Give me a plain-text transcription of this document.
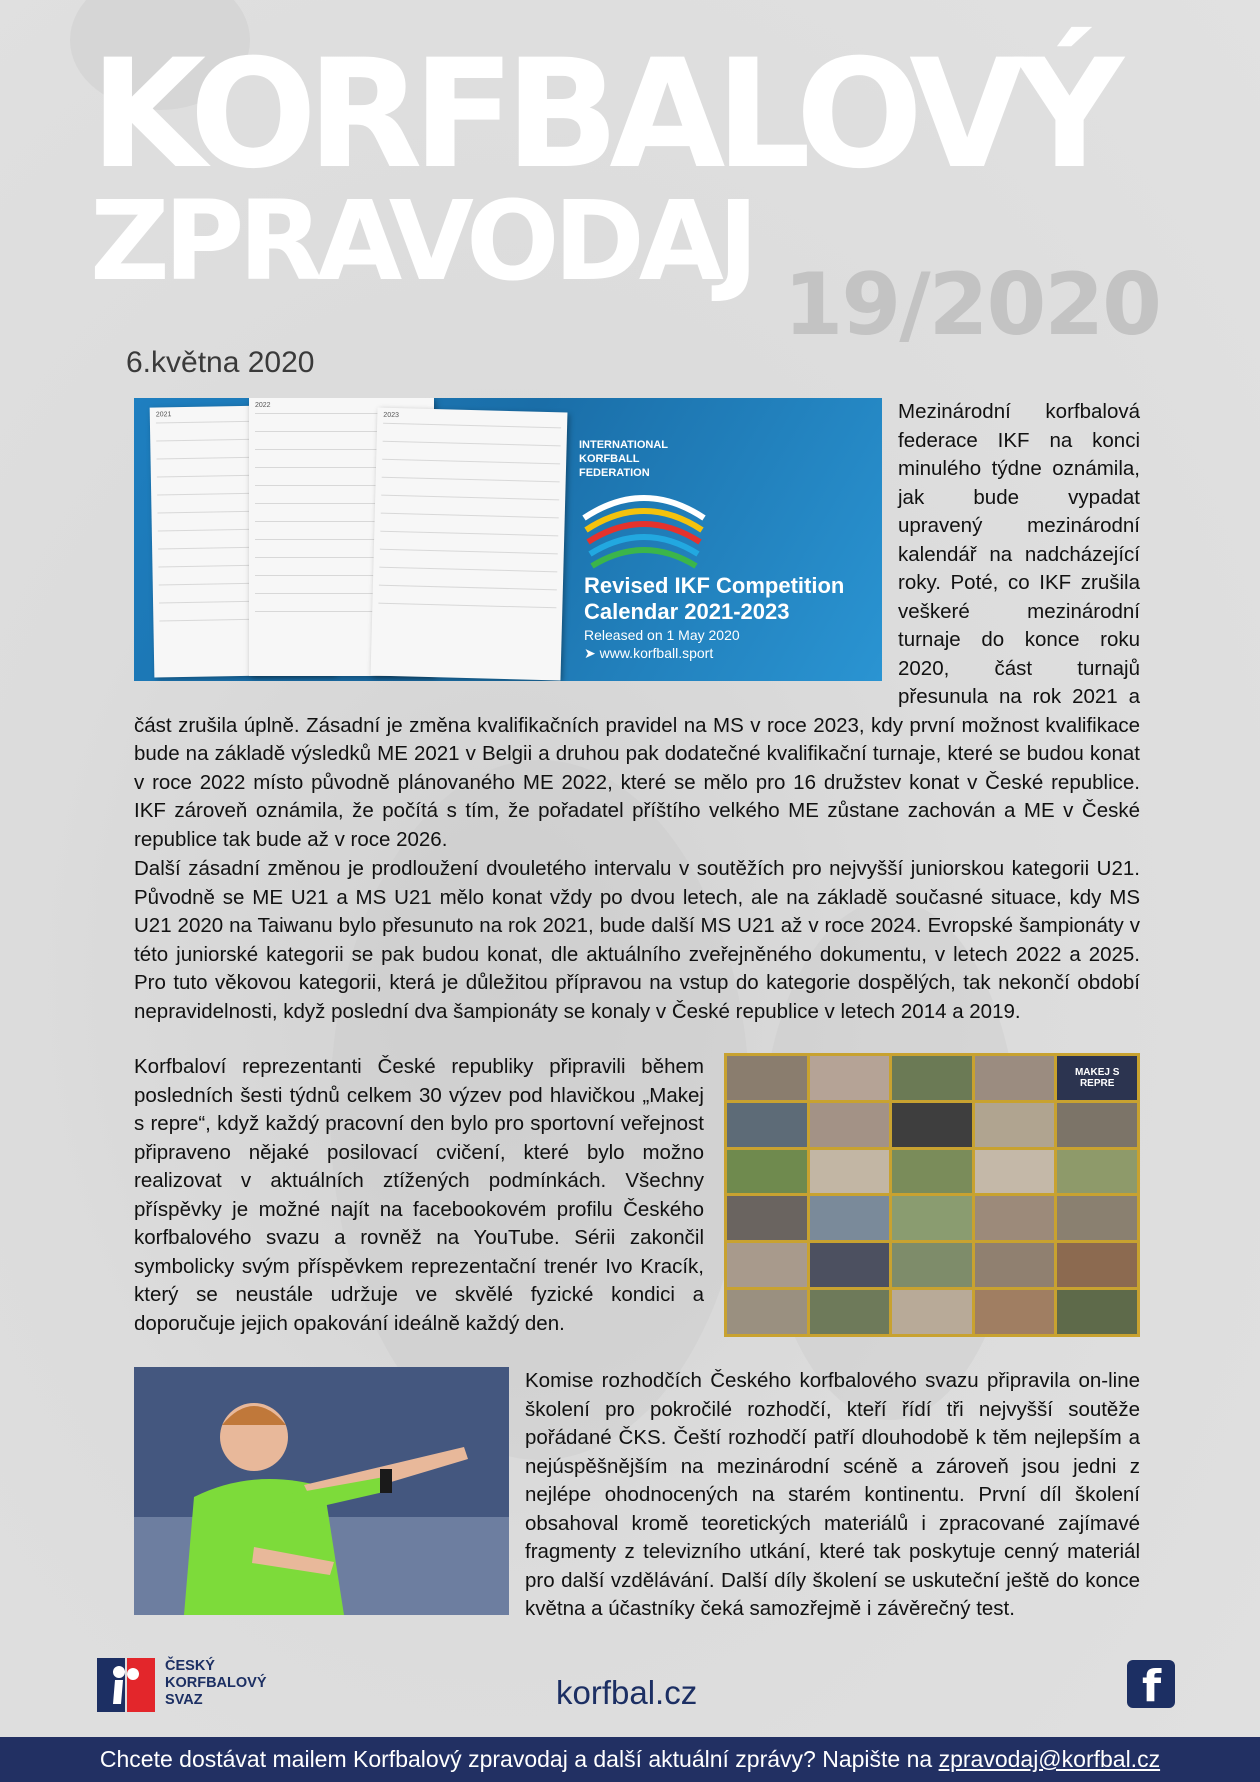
KORFBALOVÝ
ZPRAVODAJ 19/2020
6.května 2020
2021
2022
2023
INTERNATIONAL
KORFBALL
FEDERATION
Revised IKF Competition
Calendar 2021-2023
Released on 1 May 2020
➤ www.korfball.sport

Mezinárodní korfbalová federace IKF na konci minulého týdne oznámila, jak bude vypadat upravený mezinárodní kalendář na nadcházející roky. Poté, co IKF zrušila veškeré mezinárodní turnaje do konce roku 2020, část turnajů přesunula na rok 2021 a část zrušila úplně. Zásadní je změna kvalifikačních pravidel na MS v roce 2023, kdy první možnost kvalifikace bude na základě výsledků ME 2021 v Belgii a druhou pak dodatečné kvalifikační turnaje, které se budou konat v roce 2022 místo původně plánovaného ME 2022, které se mělo pro 16 družstev konat v České republice. IKF zároveň oznámila, že počítá s tím, že pořadatel příštího velkého ME zůstane zachován a ME v České republice tak bude až v roce 2026.

Další zásadní změnou je prodloužení dvouletého intervalu v soutěžích pro nejvyšší juniorskou kategorii U21. Původně se ME U21 a MS U21 mělo konat vždy po dvou letech, ale na základě současné situace, kdy MS U21 2020 na Taiwanu bylo přesunuto na rok 2021, bude další MS U21 až v roce 2024. Evropské šampionáty v této juniorské kategorii se pak budou konat, dle aktuálního zveřejněného dokumentu, v letech 2022 a 2025. Pro tuto věkovou kategorii, která je důležitou přípravou na vstup do kategorie dospělých, tak nekončí období nepravidelnosti, když poslední dva šampionáty se konaly v České republice v letech 2014 a 2019.

MAKEJ S REPRE

Korfbaloví reprezentanti České republiky připravili během posledních šesti týdnů celkem 30 výzev pod hlavičkou „Makej s repre“, když každý pracovní den bylo pro sportovní veřejnost připraveno nějaké posilovací cvičení, které bylo možno realizovat v aktuálních ztížených podmínkách. Všechny příspěvky je možné najít na facebookovém profilu Českého korfbalového svazu a rovněž na YouTube. Sérii zakončil symbolicky svým příspěvkem reprezentační trenér Ivo Kracík, který se neustále udržuje ve skvělé fyzické kondici a doporučuje jejich opakování ideálně každý den.

Komise rozhodčích Českého korfbalového svazu připravila on-line školení pro pokročilé rozhodčí, kteří řídí tři nejvyšší soutěže pořádané ČKS. Čeští rozhodčí patří dlouhodobě k těm nejlepším a nejúspěšnějším na mezinárodní scéně a zároveň jsou jedni z nejlépe ohodnocených na starém kontinentu. První díl školení obsahoval kromě teoretických materiálů i zpracované zajímavé fragmenty z televizního utkání, které tak poskytuje cenný materiál pro další vzdělávání. Další díly školení se uskuteční ještě do konce května a účastníky čeká samozřejmě i závěrečný test.

ČESKÝ
KORFBALOVÝ
SVAZ	korfbal.cz	f
Chcete dostávat mailem Korfbalový zpravodaj a další aktuální zprávy? Napište na zpravodaj@korfbal.cz
